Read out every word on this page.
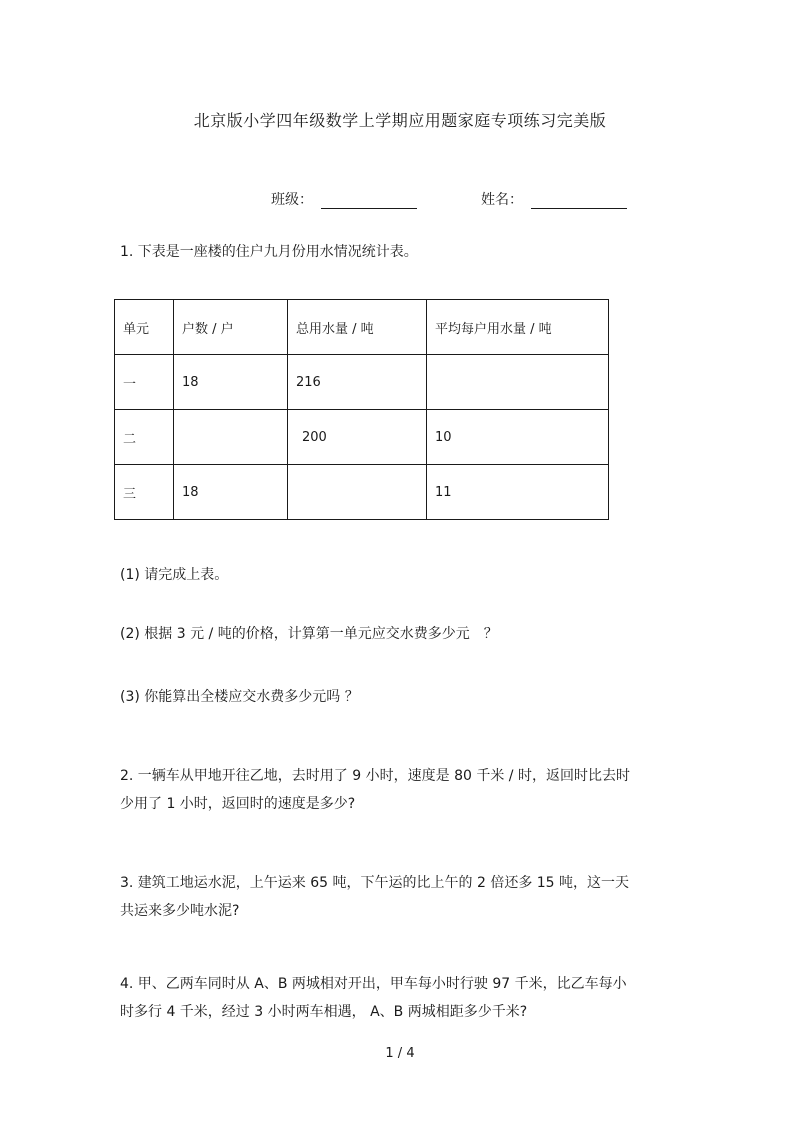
北京版小学四年级数学上学期应用题家庭专项练习完美版
班级：	姓名：
1. 下表是一座楼的住户九月份用水情况统计表。
单元	户数 / 户	总用水量 / 吨	平均每户用水量 / 吨
一	18	216	
二		200	10
三	18		11
(1) 请完成上表。
(2) 根据 3 元 / 吨的价格，计算第一单元应交水费多少元　？
(3) 你能算出全楼应交水费多少元吗 ？
2. 一辆车从甲地开往乙地，去时用了 9 小时，速度是 80 千米 / 时，返回时比去时
少用了 1 小时，返回时的速度是多少?
3. 建筑工地运水泥，上午运来 65 吨，下午运的比上午的 2 倍还多 15 吨，这一天
共运来多少吨水泥?
4. 甲、乙两车同时从 A、B 两城相对开出，甲车每小时行驶 97 千米，比乙车每小
时多行 4 千米，经过 3 小时两车相遇， A、B 两城相距多少千米?
1 / 4
